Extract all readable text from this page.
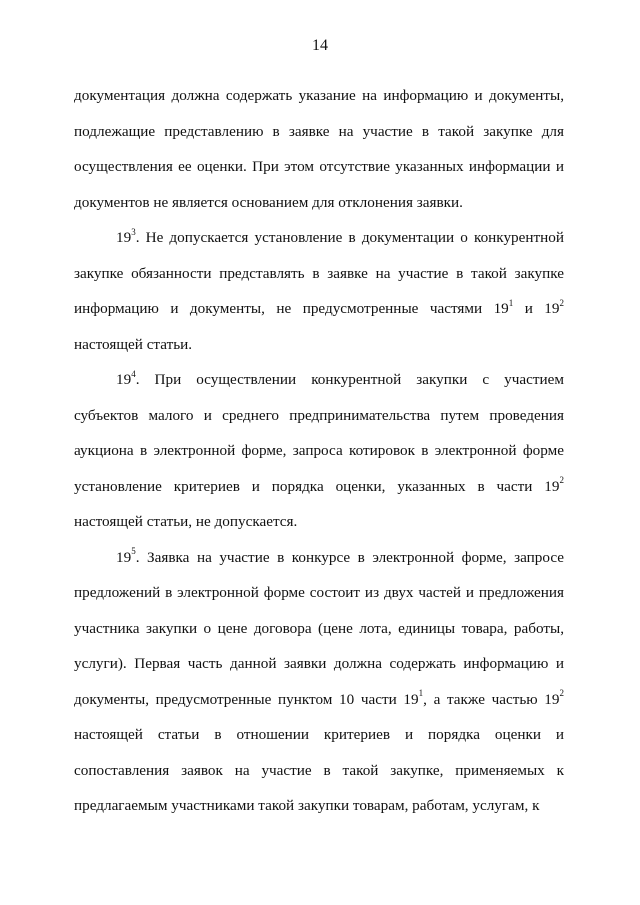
14

документация должна содержать указание на информацию и документы, подлежащие представлению в заявке на участие в такой закупке для осуществления ее оценки. При этом отсутствие указанных информации и документов не является основанием для отклонения заявки.

$19^3$. Не допускается установление в документации о конкурентной закупке обязанности представлять в заявке на участие в такой закупке информацию и документы, не предусмотренные частями $19^1$ и $19^2$ настоящей статьи.

$19^4$. При осуществлении конкурентной закупки с участием субъектов малого и среднего предпринимательства путем проведения аукциона в электронной форме, запроса котировок в электронной форме установление критериев и порядка оценки, указанных в части $19^2$ настоящей статьи, не допускается.

$19^5$. Заявка на участие в конкурсе в электронной форме, запросе предложений в электронной форме состоит из двух частей и предложения участника закупки о цене договора (цене лота, единицы товара, работы, услуги). Первая часть данной заявки должна содержать информацию и документы, предусмотренные пунктом 10 части $19^1$, а также частью $19^2$ настоящей статьи в отношении критериев и порядка оценки и сопоставления заявок на участие в такой закупке, применяемых к предлагаемым участниками такой закупки товарам, работам, услугам, к
